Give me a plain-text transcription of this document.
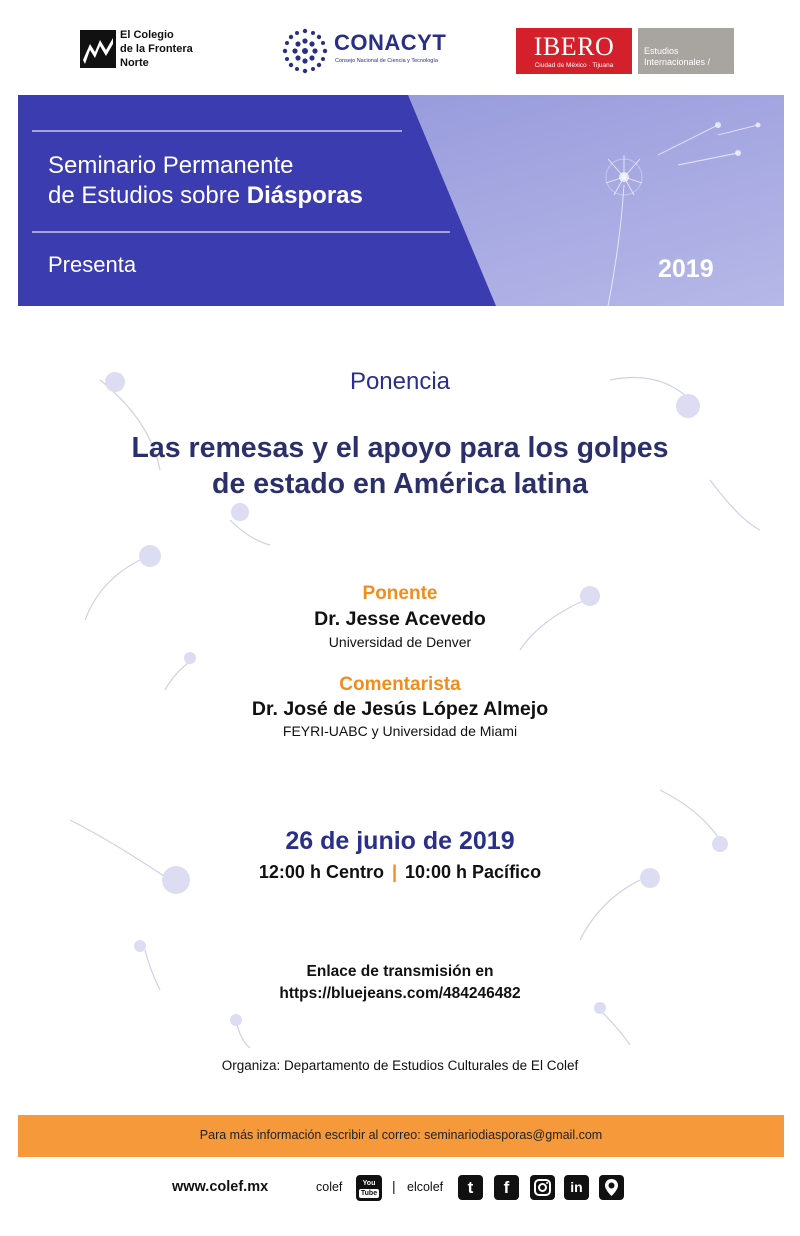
El Colegio
de la Frontera
Norte
CONACYT
Consejo Nacional de Ciencia y Tecnología	IBERO
Ciudad de México · Tijuana
Estudios
Internacionales /
Seminario Permanente
de Estudios sobre Diásporas
Presenta	2019
Ponencia
Las remesas y el apoyo para los golpes
de estado en América latina
Ponente
Dr. Jesse Acevedo
Universidad de Denver
Comentarista
Dr. José de Jesús López Almejo
FEYRI-UABC y Universidad de Miami
26 de junio de 2019
12:00 h Centro | 10:00 h Pacífico
Enlace de transmisión en
https://bluejeans.com/484246482
Organiza: Departamento de Estudios Culturales de El Colef
Para más información escribir al correo: seminariodiasporas@gmail.com
www.colef.mx	colef	You
Tube | elcolef	t	f	in
